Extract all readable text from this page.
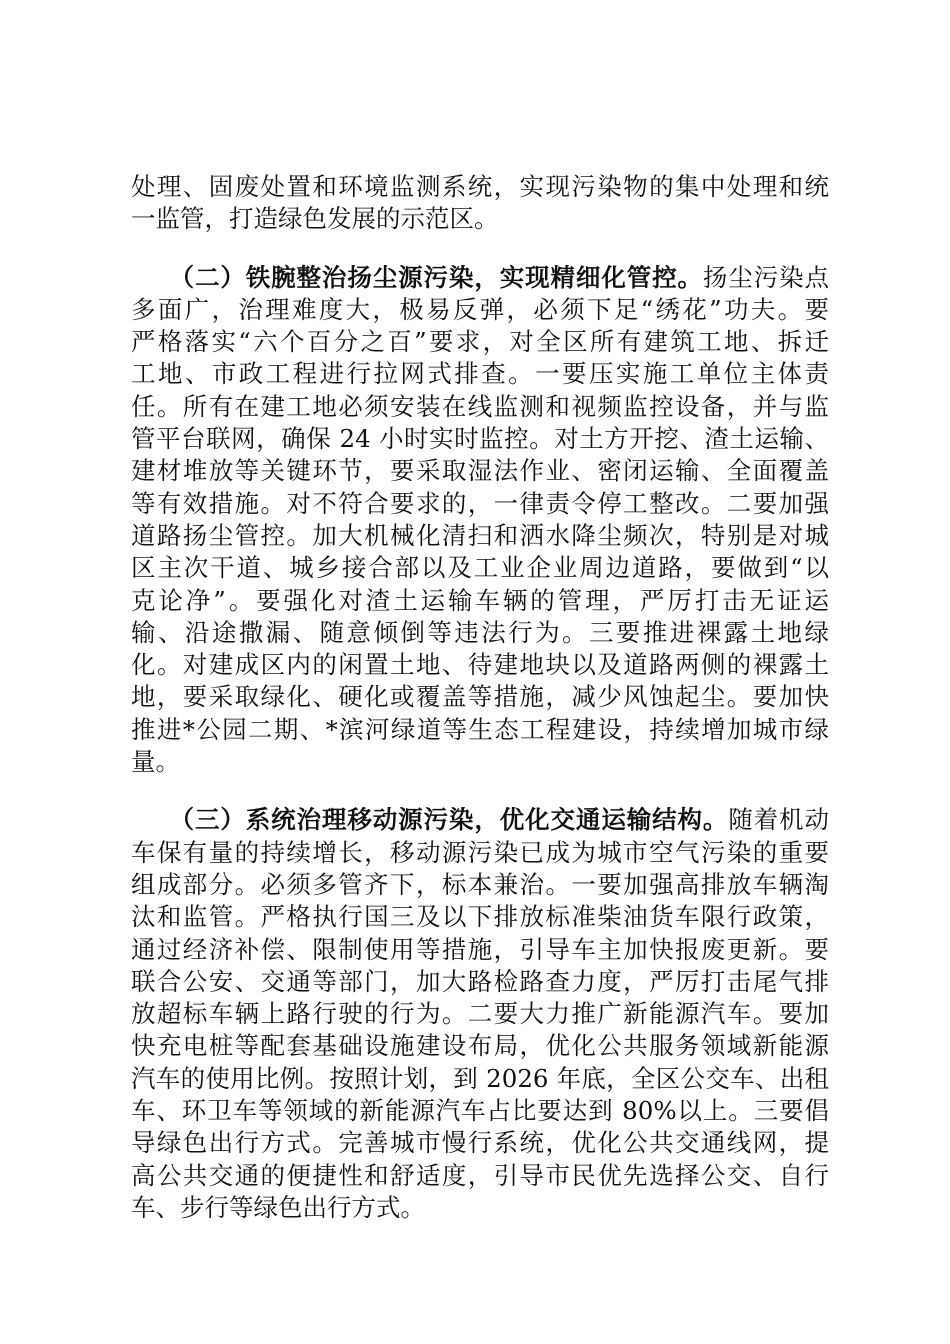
处理、固废处置和环境监测系统，实现污染物的集中处理和统
一监管，打造绿色发展的示范区。
　　（二）铁腕整治扬尘源污染，实现精细化管控。扬尘污染点
多面广，治理难度大，极易反弹，必须下足“绣花”功夫。要
严格落实“六个百分之百”要求，对全区所有建筑工地、拆迁
工地、市政工程进行拉网式排查。一要压实施工单位主体责
任。所有在建工地必须安装在线监测和视频监控设备，并与监
管平台联网，确保 24 小时实时监控。对土方开挖、渣土运输、
建材堆放等关键环节，要采取湿法作业、密闭运输、全面覆盖
等有效措施。对不符合要求的，一律责令停工整改。二要加强
道路扬尘管控。加大机械化清扫和洒水降尘频次，特别是对城
区主次干道、城乡接合部以及工业企业周边道路，要做到“以
克论净”。要强化对渣土运输车辆的管理，严厉打击无证运
输、沿途撒漏、随意倾倒等违法行为。三要推进裸露土地绿
化。对建成区内的闲置土地、待建地块以及道路两侧的裸露土
地，要采取绿化、硬化或覆盖等措施，减少风蚀起尘。要加快
推进*公园二期、*滨河绿道等生态工程建设，持续增加城市绿
量。
　　（三）系统治理移动源污染，优化交通运输结构。随着机动
车保有量的持续增长，移动源污染已成为城市空气污染的重要
组成部分。必须多管齐下，标本兼治。一要加强高排放车辆淘
汰和监管。严格执行国三及以下排放标准柴油货车限行政策，
通过经济补偿、限制使用等措施，引导车主加快报废更新。要
联合公安、交通等部门，加大路检路查力度，严厉打击尾气排
放超标车辆上路行驶的行为。二要大力推广新能源汽车。要加
快充电桩等配套基础设施建设布局，优化公共服务领域新能源
汽车的使用比例。按照计划，到 2026 年底，全区公交车、出租
车、环卫车等领域的新能源汽车占比要达到 80%以上。三要倡
导绿色出行方式。完善城市慢行系统，优化公共交通线网，提
高公共交通的便捷性和舒适度，引导市民优先选择公交、自行
车、步行等绿色出行方式。
